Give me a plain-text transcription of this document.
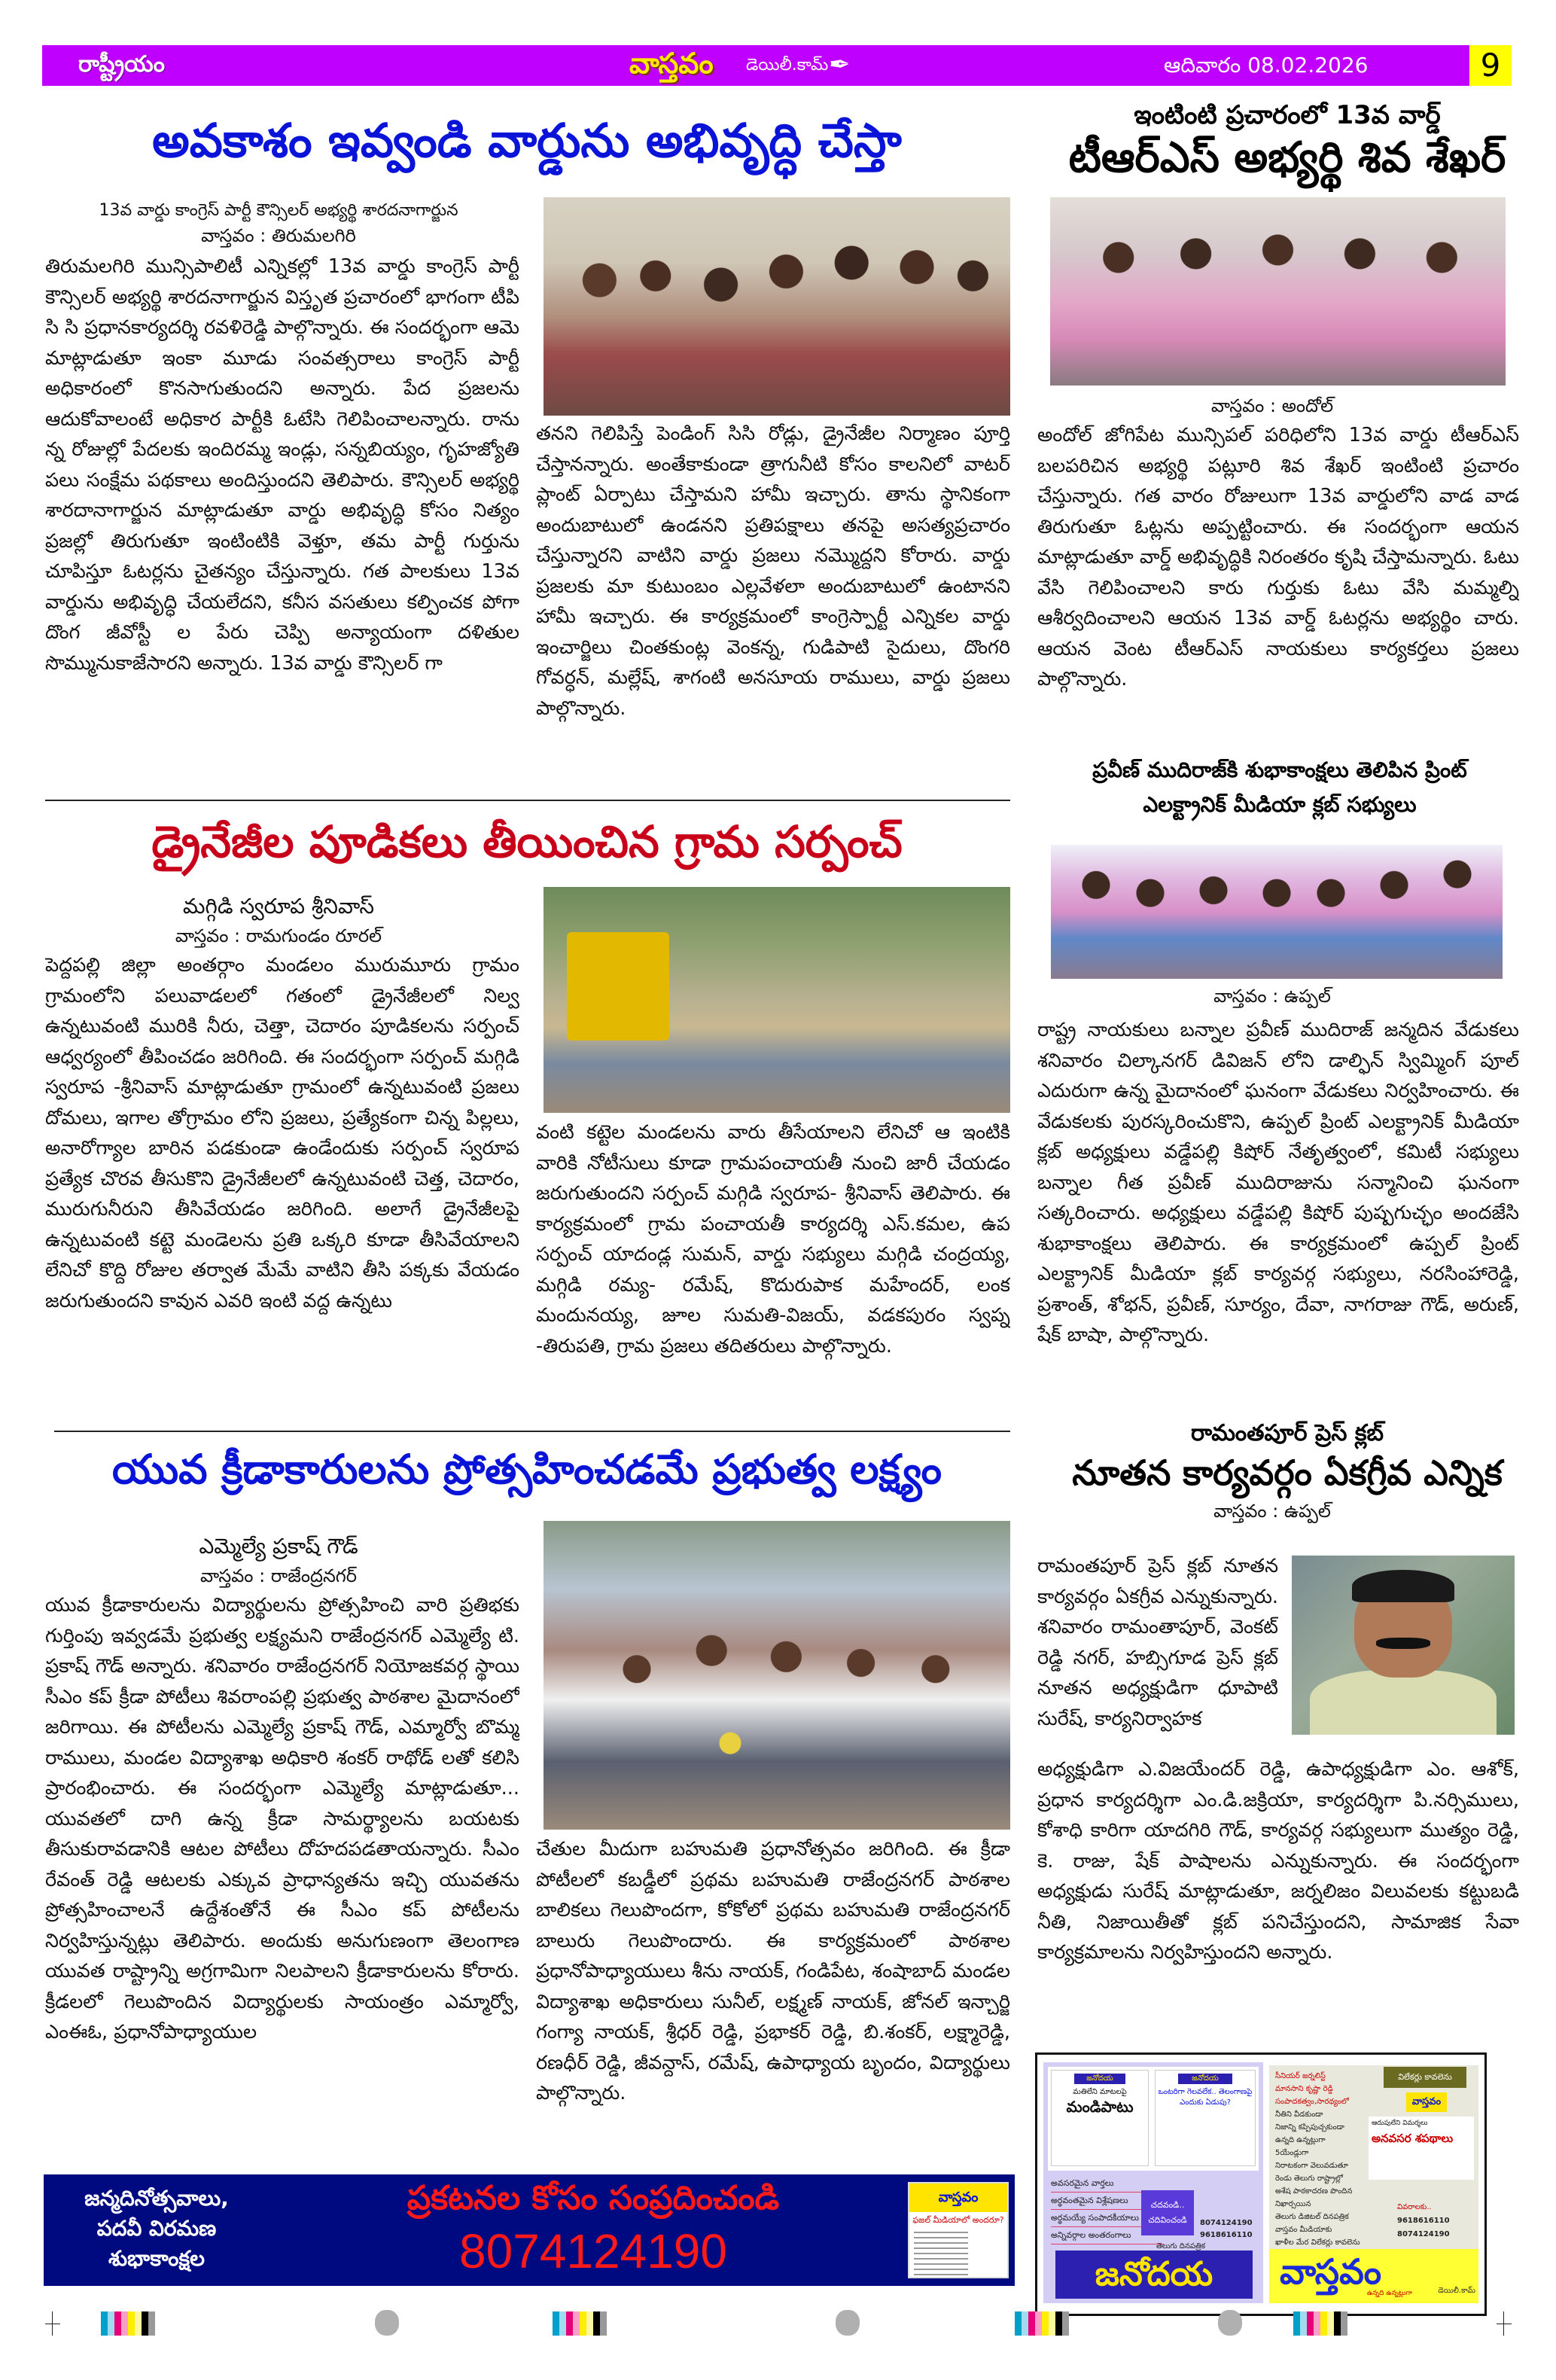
రాష్ట్రీయం	వాస్తవం డెయిలీ.కామ్ ✒	ఆదివారం 08.02.2026	9
అవకాశం ఇవ్వండి వార్డును అభివృద్ధి చేస్తా
13వ వార్డు కాంగ్రెస్ పార్టీ కౌన్సిలర్ అభ్యర్థి శారదనాగార్జున
వాస్తవం : తిరుమలగిరి
తిరుమలగిరి మున్సిపాలిటీ ఎన్నికల్లో 13వ వార్డు కాంగ్రెస్ పార్టీ కౌన్సిలర్ అభ్యర్థి శారదనాగార్జున విస్తృత ప్రచారంలో భాగంగా టీపి సి సి ప్రధానకార్యదర్శి రవళిరెడ్డి పాల్గొన్నారు. ఈ సందర్భంగా ఆమె మాట్లాడుతూ ఇంకా మూడు సంవత్సరాలు కాంగ్రెస్ పార్టీ అధికారంలో కొనసాగుతుందని అన్నారు. పేద ప్రజలను ఆదుకోవాలంటే అధికార పార్టీకి ఓటేసి గెలిపించాలన్నారు. రాను న్న రోజుల్లో పేదలకు ఇందిరమ్మ ఇండ్లు, సన్నబియ్యం, గృహజ్యోతి పలు సంక్షేమ పథకాలు అందిస్తుందని తెలిపారు. కౌన్సిలర్ అభ్యర్థి శారదానాగార్జున మాట్లాడుతూ వార్డు అభివృద్ధి కోసం నిత్యం ప్రజల్లో తిరుగుతూ ఇంటింటికి వెళ్తూ, తమ పార్టీ గుర్తును చూపిస్తూ ఓటర్లను చైతన్యం చేస్తున్నారు. గత పాలకులు 13వ వార్డును అభివృద్ధి చేయలేదని, కనీస వసతులు కల్పించక పోగా దొంగ జీవోస్టీ ల పేరు చెప్పి అన్యాయంగా దళితుల సొమ్మునుకాజేసారని అన్నారు. 13వ వార్డు కౌన్సిలర్ గా
తనని గెలిపిస్తే పెండింగ్ సిసి రోడ్లు, డ్రైనేజీల నిర్మాణం పూర్తి చేస్తానన్నారు. అంతేకాకుండా త్రాగునీటి కోసం కాలనిలో వాటర్ ప్లాంట్ ఏర్పాటు చేస్తామని హామీ ఇచ్చారు. తాను స్థానికంగా అందుబాటులో ఉండనని ప్రతిపక్షాలు తనపై అసత్యప్రచారం చేస్తున్నారని వాటిని వార్డు ప్రజలు నమ్మొద్దని కోరారు. వార్డు ప్రజలకు మా కుటుంబం ఎల్లవేళలా అందుబాటులో ఉంటానని హామీ ఇచ్చారు. ఈ కార్యక్రమంలో కాంగ్రెస్పార్టీ ఎన్నికల వార్డు ఇంచార్జిలు చింతకుంట్ల వెంకన్న, గుడిపాటి సైదులు, దొంగరి గోవర్ధన్, మల్లేష్, శాగంటి అనసూయ రాములు, వార్డు ప్రజలు పాల్గొన్నారు.
ఇంటింటి ప్రచారంలో 13వ వార్డ్
టీఆర్ఎస్ అభ్యర్థి శివ శేఖర్
వాస్తవం : అందోల్
అందోల్ జోగిపేట మున్సిపల్ పరిధిలోని 13వ వార్డు టీఆర్ఎస్ బలపరిచిన అభ్యర్థి పట్లూరి శివ శేఖర్ ఇంటింటి ప్రచారం చేస్తున్నారు. గత వారం రోజులుగా 13వ వార్డులోని వాడ వాడ తిరుగుతూ ఓట్లను అప్పట్టించారు. ఈ సందర్భంగా ఆయన మాట్లాడుతూ వార్డ్ అభివృద్ధికి నిరంతరం కృషి చేస్తామన్నారు. ఓటు వేసి గెలిపించాలని కారు గుర్తుకు ఓటు వేసి మమ్మల్ని ఆశీర్వదించాలని ఆయన 13వ వార్డ్ ఓటర్లను అభ్యర్థిం చారు. ఆయన వెంట టీఆర్ఎస్ నాయకులు కార్యకర్తలు ప్రజలు పాల్గొన్నారు.
ప్రవీణ్ ముదిరాజ్‌కి శుభాకాంక్షలు తెలిపిన ప్రింట్ ఎలక్ట్రానిక్ మీడియా క్లబ్ సభ్యులు
వాస్తవం : ఉప్పల్
రాష్ట్ర నాయకులు బన్నాల ప్రవీణ్ ముదిరాజ్ జన్మదిన వేడుకలు శనివారం చిల్కానగర్ డివిజన్ లోని డాల్ఫిన్ స్విమ్మింగ్ పూల్ ఎదురుగా ఉన్న మైదానంలో ఘనంగా వేడుకలు నిర్వహించారు. ఈ వేడుకలకు పురస్కరించుకొని, ఉప్పల్ ప్రింట్ ఎలక్ట్రానిక్ మీడియా క్లబ్ అధ్యక్షులు వడ్డేపల్లి కిషోర్ నేతృత్వంలో, కమిటీ సభ్యులు బన్నాల గీత ప్రవీణ్ ముదిరాజును సన్మానించి ఘనంగా సత్కరించారు. అధ్యక్షులు వడ్డేపల్లి కిషోర్ పుష్పగుచ్ఛం అందజేసి శుభాకాంక్షలు తెలిపారు. ఈ కార్యక్రమంలో ఉప్పల్ ప్రింట్ ఎలక్ట్రానిక్ మీడియా క్లబ్ కార్యవర్గ సభ్యులు, నరసింహారెడ్డి, ప్రశాంత్, శోభన్, ప్రవీణ్, సూర్యం, దేవా, నాగరాజు గౌడ్, అరుణ్, షేక్ బాషా, పాల్గొన్నారు.
డ్రైనేజీల పూడికలు తీయించిన గ్రామ సర్పంచ్
మగ్గిడి స్వరూప శ్రీనివాస్
వాస్తవం : రామగుండం రూరల్
పెద్దపల్లి జిల్లా అంతర్గాం మండలం మురుమూరు గ్రామం గ్రామంలోని పలువాడలలో గతంలో డ్రైనేజీలలో నిల్వ ఉన్నటువంటి మురికి నీరు, చెత్తా, చెదారం పూడికలను సర్పంచ్ ఆధ్వర్యంలో తీపించడం జరిగింది. ఈ సందర్భంగా సర్పంచ్ మగ్గిడి స్వరూప -శ్రీనివాస్ మాట్లాడుతూ గ్రామంలో ఉన్నటువంటి ప్రజలు దోమలు, ఇగాల తోగ్రామం లోని ప్రజలు, ప్రత్యేకంగా చిన్న పిల్లలు, అనారోగ్యాల బారిన పడకుండా ఉండేందుకు సర్పంచ్ స్వరూప ప్రత్యేక చొరవ తీసుకొని డ్రైనేజీలలో ఉన్నటువంటి చెత్త, చెదారం, మురుగునీరుని తీసివేయడం జరిగింది. అలాగే డ్రైనేజీలపై ఉన్నటువంటి కట్టె మండెలను ప్రతి ఒక్కరి కూడా తీసివేయాలని లేనిచో కొద్ది రోజుల తర్వాత మేమే వాటిని తీసి పక్కకు వేయడం జరుగుతుందని కావున ఎవరి ఇంటి వద్ద ఉన్నటు
వంటి కట్టెల మండలను వారు తీసేయాలని లేనిచో ఆ ఇంటికి వారికి నోటీసులు కూడా గ్రామపంచాయతీ నుంచి జారీ చేయడం జరుగుతుందని సర్పంచ్ మగ్గిడి స్వరూప- శ్రీనివాస్ తెలిపారు. ఈ కార్యక్రమంలో గ్రామ పంచాయతీ కార్యదర్శి ఎస్.కమల, ఉప సర్పంచ్ యాదండ్ల సుమన్, వార్డు సభ్యులు మగ్గిడి చంద్రయ్య, మగ్గిడి రమ్య- రమేష్, కొదురుపాక మహేందర్, లంక మందునయ్య, జూల సుమతి-విజయ్, వడకపురం స్వప్న -తిరుపతి, గ్రామ ప్రజలు తదితరులు పాల్గొన్నారు.
రామంతపూర్ ప్రెస్ క్లబ్
నూతన కార్యవర్గం ఏకగ్రీవ ఎన్నిక
వాస్తవం : ఉప్పల్
రామంతపూర్ ప్రెస్ క్లబ్ నూతన కార్యవర్గం ఏకగ్రీవ ఎన్నుకున్నారు. శనివారం రామంతాపూర్, వెంకట్ రెడ్డి నగర్, హబ్సిగూడ ప్రెస్ క్లబ్ నూతన అధ్యక్షుడిగా ధూపాటి సురేష్, కార్యనిర్వాహక
అధ్యక్షుడిగా ఎ.విజయేందర్ రెడ్డి, ఉపాధ్యక్షుడిగా ఎం. ఆశోక్, ప్రధాన కార్యదర్శిగా ఎం.డి.జక్రియా, కార్యదర్శిగా పి.నర్సిములు, కోశాధి కారిగా యాదగిరి గౌడ్, కార్యవర్గ సభ్యులుగా ముత్యం రెడ్డి, కె. రాజు, షేక్ పాషాలను ఎన్నుకున్నారు. ఈ సందర్భంగా అధ్యక్షుడు సురేష్ మాట్లాడుతూ, జర్నలిజం విలువలకు కట్టుబడి నీతి, నిజాయితీతో క్లబ్ పనిచేస్తుందని, సామాజిక సేవా కార్యక్రమాలను నిర్వహిస్తుందని అన్నారు.
యువ క్రీడాకారులను ప్రోత్సహించడమే ప్రభుత్వ లక్ష్యం
ఎమ్మెల్యే ప్రకాష్ గౌడ్
వాస్తవం : రాజేంద్రనగర్
యువ క్రీడాకారులను విద్యార్థులను ప్రోత్సహించి వారి ప్రతిభకు గుర్తింపు ఇవ్వడమే ప్రభుత్వ లక్ష్యమని రాజేంద్రనగర్ ఎమ్మెల్యే టి. ప్రకాష్ గౌడ్ అన్నారు. శనివారం రాజేంద్రనగర్ నియోజకవర్గ స్థాయి సీఎం కప్ క్రీడా పోటీలు శివరాంపల్లి ప్రభుత్వ పాఠశాల మైదానంలో జరిగాయి. ఈ పోటీలను ఎమ్మెల్యే ప్రకాష్ గౌడ్, ఎమ్మార్వో బొమ్మ రాములు, మండల విద్యాశాఖ అధికారి శంకర్ రాథోడ్ లతో కలిసి ప్రారంభించారు. ఈ సందర్భంగా ఎమ్మెల్యే మాట్లాడుతూ... యువతలో దాగి ఉన్న క్రీడా సామర్థ్యాలను బయటకు తీసుకురావడానికి ఆటల పోటీలు దోహదపడతాయన్నారు. సీఎం రేవంత్ రెడ్డి ఆటలకు ఎక్కువ ప్రాధాన్యతను ఇచ్చి యువతను ప్రోత్సహించాలనే ఉద్దేశంతోనే ఈ సీఎం కప్ పోటీలను నిర్వహిస్తున్నట్లు తెలిపారు. అందుకు అనుగుణంగా తెలంగాణ యువత రాష్ట్రాన్ని అగ్రగామిగా నిలపాలని క్రీడాకారులను కోరారు. క్రీడలలో గెలుపొందిన విద్యార్థులకు సాయంత్రం ఎమ్మార్వో, ఎంఈఓ, ప్రధానోపాధ్యాయుల
చేతుల మీదుగా బహుమతి ప్రధానోత్సవం జరిగింది. ఈ క్రీడా పోటీలలో కబడ్డీలో ప్రథమ బహుమతి రాజేంద్రనగర్ పాఠశాల బాలికలు గెలుపొందగా, కోకోలో ప్రథమ బహుమతి రాజేంద్రనగర్ బాలురు గెలుపొందారు. ఈ కార్యక్రమంలో పాఠశాల ప్రధానోపాధ్యాయులు శీను నాయక్, గండిపేట, శంషాబాద్ మండల విద్యాశాఖ అధికారులు సునీల్, లక్ష్మణ్ నాయక్, జోనల్ ఇన్చార్జి గంగ్యా నాయక్, శ్రీధర్ రెడ్డి, ప్రభాకర్ రెడ్డి, బి.శంకర్, లక్ష్మారెడ్డి, రణధీర్ రెడ్డి, జీవన్దాస్, రమేష్, ఉపాధ్యాయ బృందం, విద్యార్థులు పాల్గొన్నారు.
జన్మదినోత్సవాలు,
పదవీ విరమణ
శుభాకాంక్షల
ప్రకటనల కోసం సంప్రదించండి
8074124190
వాస్తవం
ఫజల్ మీడియాలో అందరూ?
జనోదయ
మతిలేని మాటలపై
మండిపాటు
జనోదయ
ఒంటరిగా గెలవలేక.. తెలంగాణపై ఎందుకు ఏడుపు?
అవసరమైన వార్తలు
అర్థవంతమైన విశ్లేషణలు
అర్థమయ్యే సంపాదకీయాలు
అన్నివర్గాల అంతరంగాలు
చదవండి.. చదివించండి	8074124190
9618616110
తెలుగు దినపత్రిక
జనోదయ
సీనియర్ జర్నలిస్ట్
మానసాని కృష్ణా రెడ్డి
సంపాదకత్వం,సారథ్యంలో
నీతిని వీడకుండా
నిజాన్ని కప్పిపుచ్చకుండా
ఉన్నది ఉన్నట్లుగా
5యేండ్లుగా
నిరాటకంగా వెలువడుతూ
రెండు తెలుగు రాష్ట్రాల్లో
అశేష పాఠకాదరణ పొందిన
నిఖార్సయిన
తెలుగు డిజిటల్ దినపత్రిక
వాస్తవం మీడియాకు
ఖాళీల మేర విలేకర్లు కావలెను
విలేకర్లు కావలెను
వాస్తవం
ఆదుపులేని విమర్శలు
అనవసర శపథాలు
వివరాలకు..
9618616110
8074124190
వాస్తవం	డెయిలీ.కామ్
ఉన్నది ఉన్నట్లుగా
